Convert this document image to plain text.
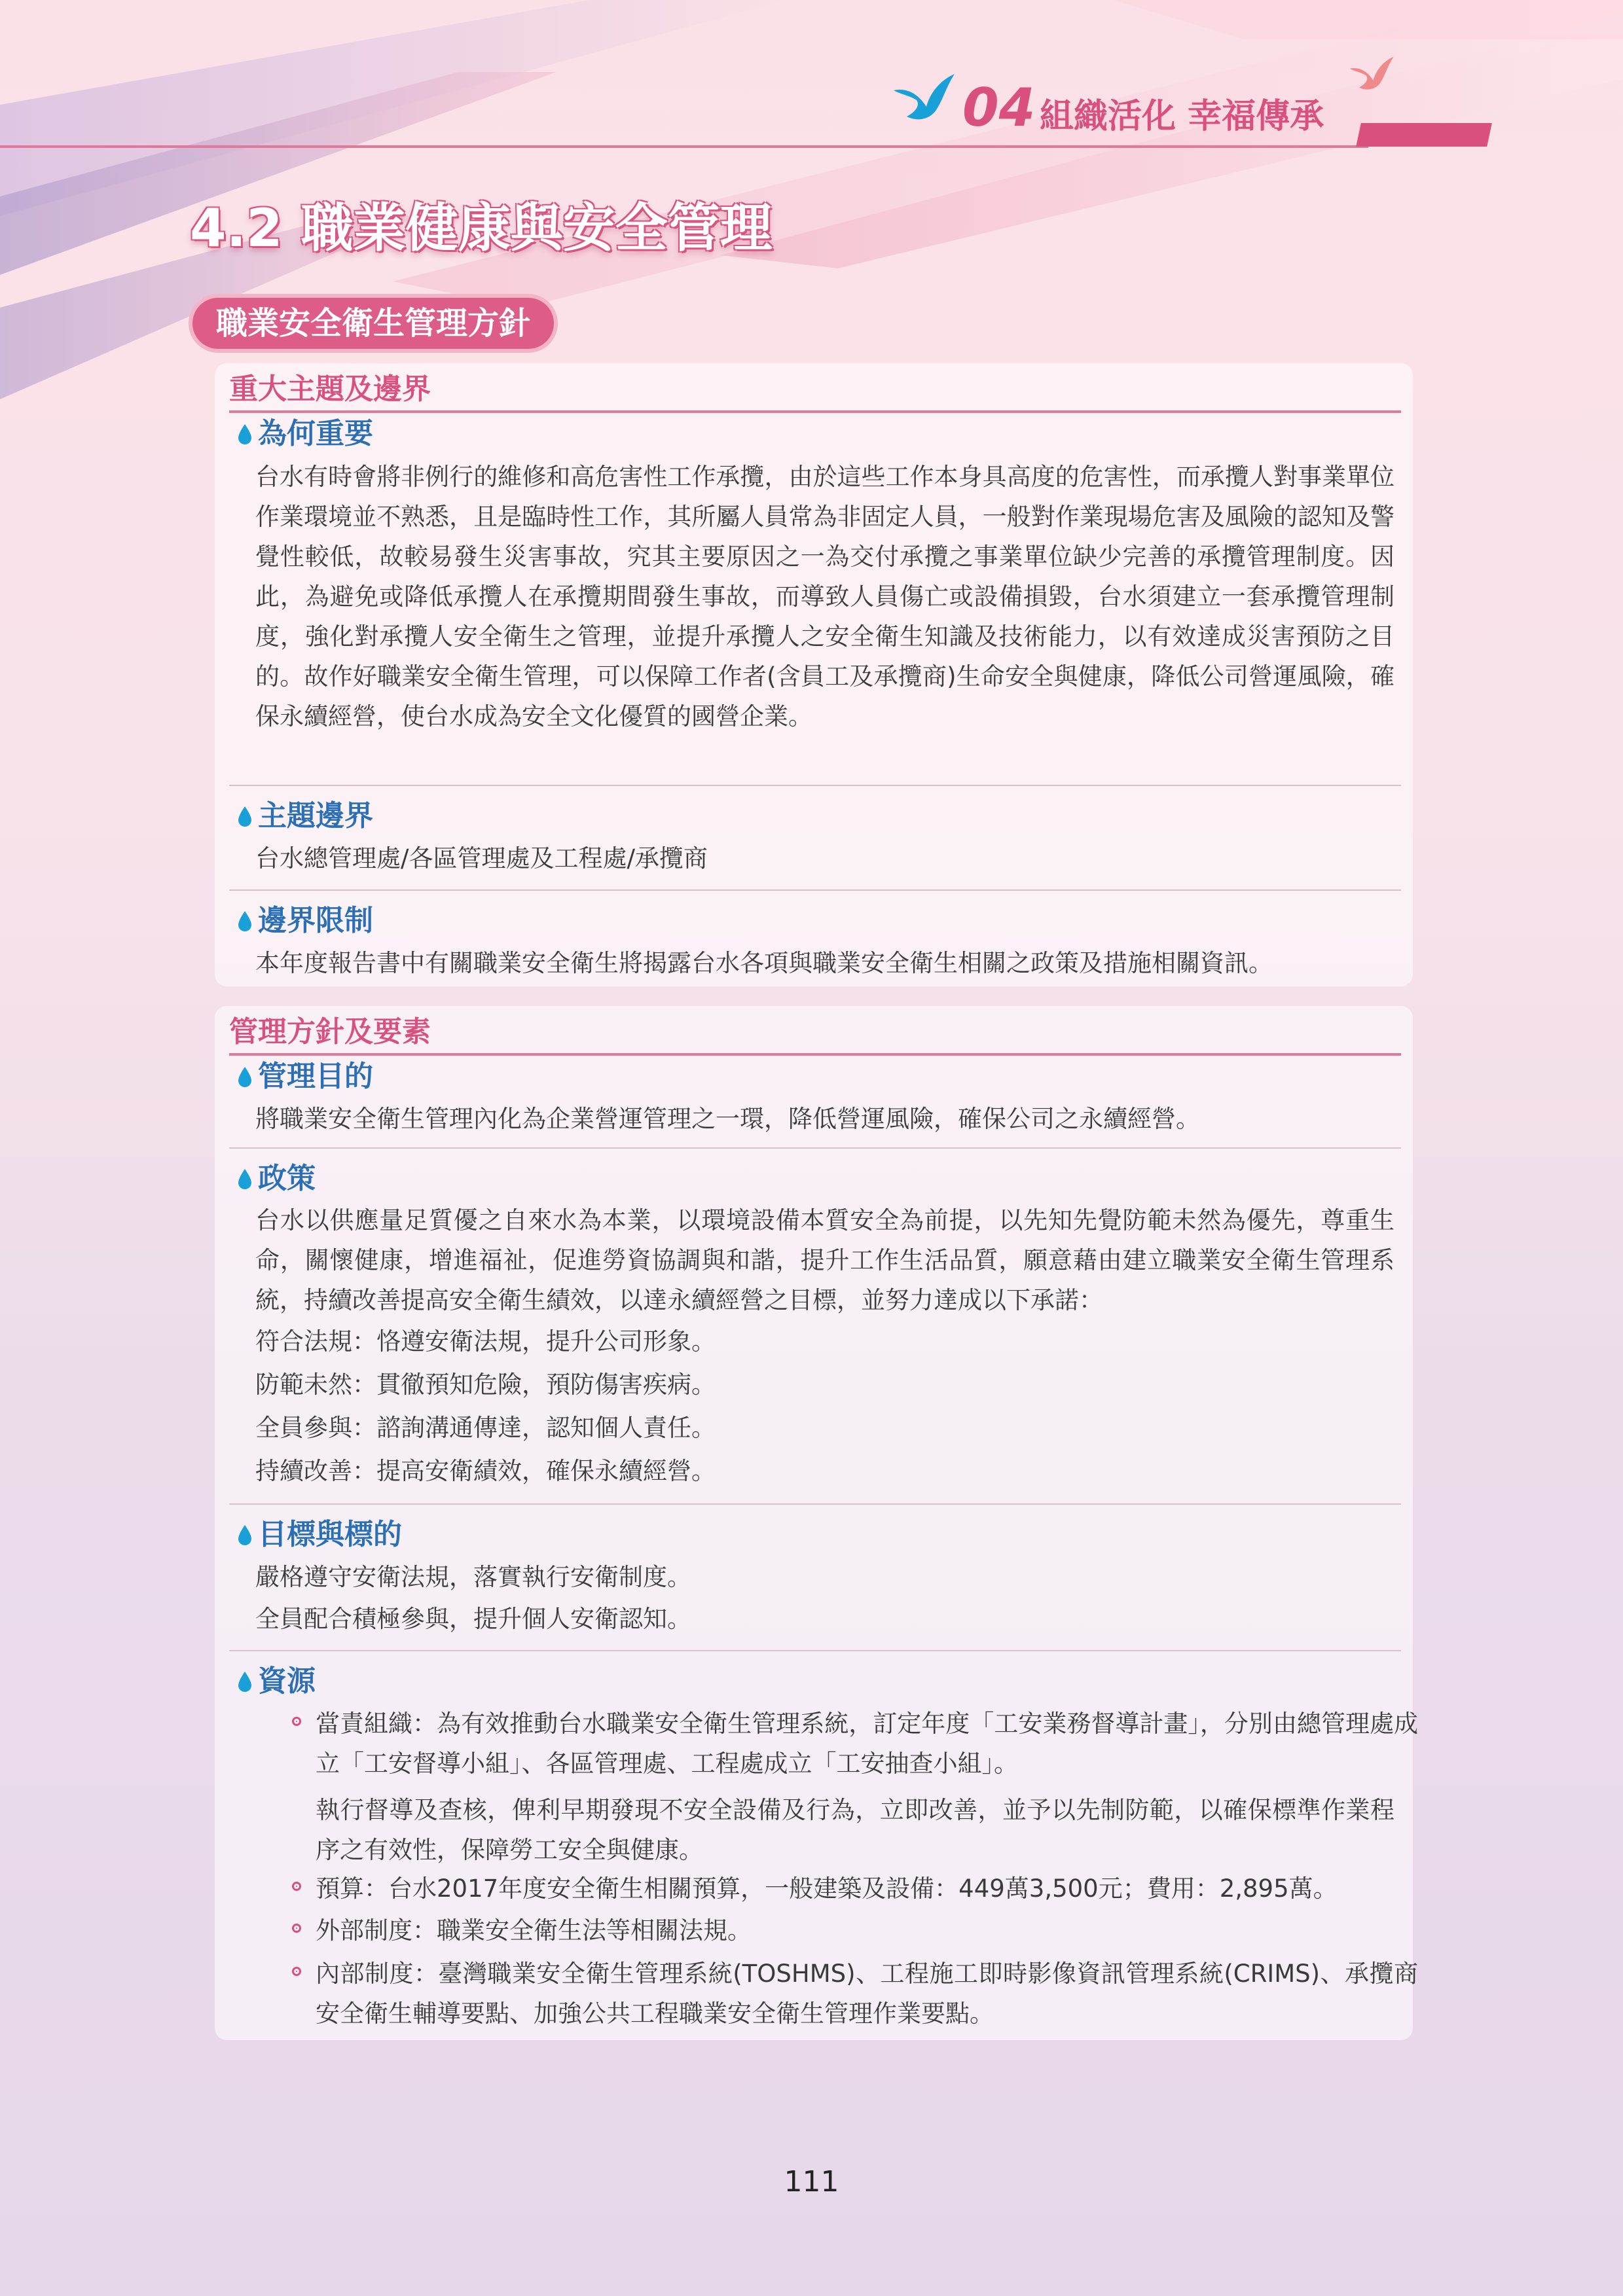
04 組織活化 幸福傳承
4.2 職業健康與安全管理
職業安全衛生管理方針
重大主題及邊界
為何重要

台水有時會將非例行的維修和高危害性工作承攬，由於這些工作本身具高度的危害性，而承攬人對事業單位作業環境並不熟悉，且是臨時性工作，其所屬人員常為非固定人員，一般對作業現場危害及風險的認知及警覺性較低，故較易發生災害事故，究其主要原因之一為交付承攬之事業單位缺少完善的承攬管理制度。因此，為避免或降低承攬人在承攬期間發生事故，而導致人員傷亡或設備損毀，台水須建立一套承攬管理制度，強化對承攬人安全衛生之管理，並提升承攬人之安全衛生知識及技術能力，以有效達成災害預防之目的。故作好職業安全衛生管理，可以保障工作者(含員工及承攬商)生命安全與健康，降低公司營運風險，確保永續經營，使台水成為安全文化優質的國營企業。

主題邊界

台水總管理處/各區管理處及工程處/承攬商

邊界限制

本年度報告書中有關職業安全衛生將揭露台水各項與職業安全衛生相關之政策及措施相關資訊。

管理方針及要素
管理目的

將職業安全衛生管理內化為企業營運管理之一環，降低營運風險，確保公司之永續經營。

政策

台水以供應量足質優之自來水為本業，以環境設備本質安全為前提，以先知先覺防範未然為優先，尊重生命，關懷健康，增進福祉，促進勞資協調與和諧，提升工作生活品質，願意藉由建立職業安全衛生管理系統，持續改善提高安全衛生績效，以達永續經營之目標，並努力達成以下承諾：

符合法規：恪遵安衛法規，提升公司形象。

防範未然：貫徹預知危險，預防傷害疾病。

全員參與：諮詢溝通傳達，認知個人責任。

持續改善：提高安衛績效，確保永續經營。

目標與標的

嚴格遵守安衛法規，落實執行安衛制度。

全員配合積極參與，提升個人安衛認知。

資源
當責組織：為有效推動台水職業安全衛生管理系統，訂定年度「工安業務督導計畫」，分別由總管理處成立「工安督導小組」、各區管理處、工程處成立「工安抽查小組」。

執行督導及查核，俾利早期發現不安全設備及行為，立即改善，並予以先制防範，以確保標準作業程序之有效性，保障勞工安全與健康。

預算：台水2017年度安全衛生相關預算，一般建築及設備：449萬3,500元；費用：2,895萬。
外部制度：職業安全衛生法等相關法規。
內部制度：臺灣職業安全衛生管理系統(TOSHMS)、工程施工即時影像資訊管理系統(CRIMS)、承攬商安全衛生輔導要點、加強公共工程職業安全衛生管理作業要點。
111
